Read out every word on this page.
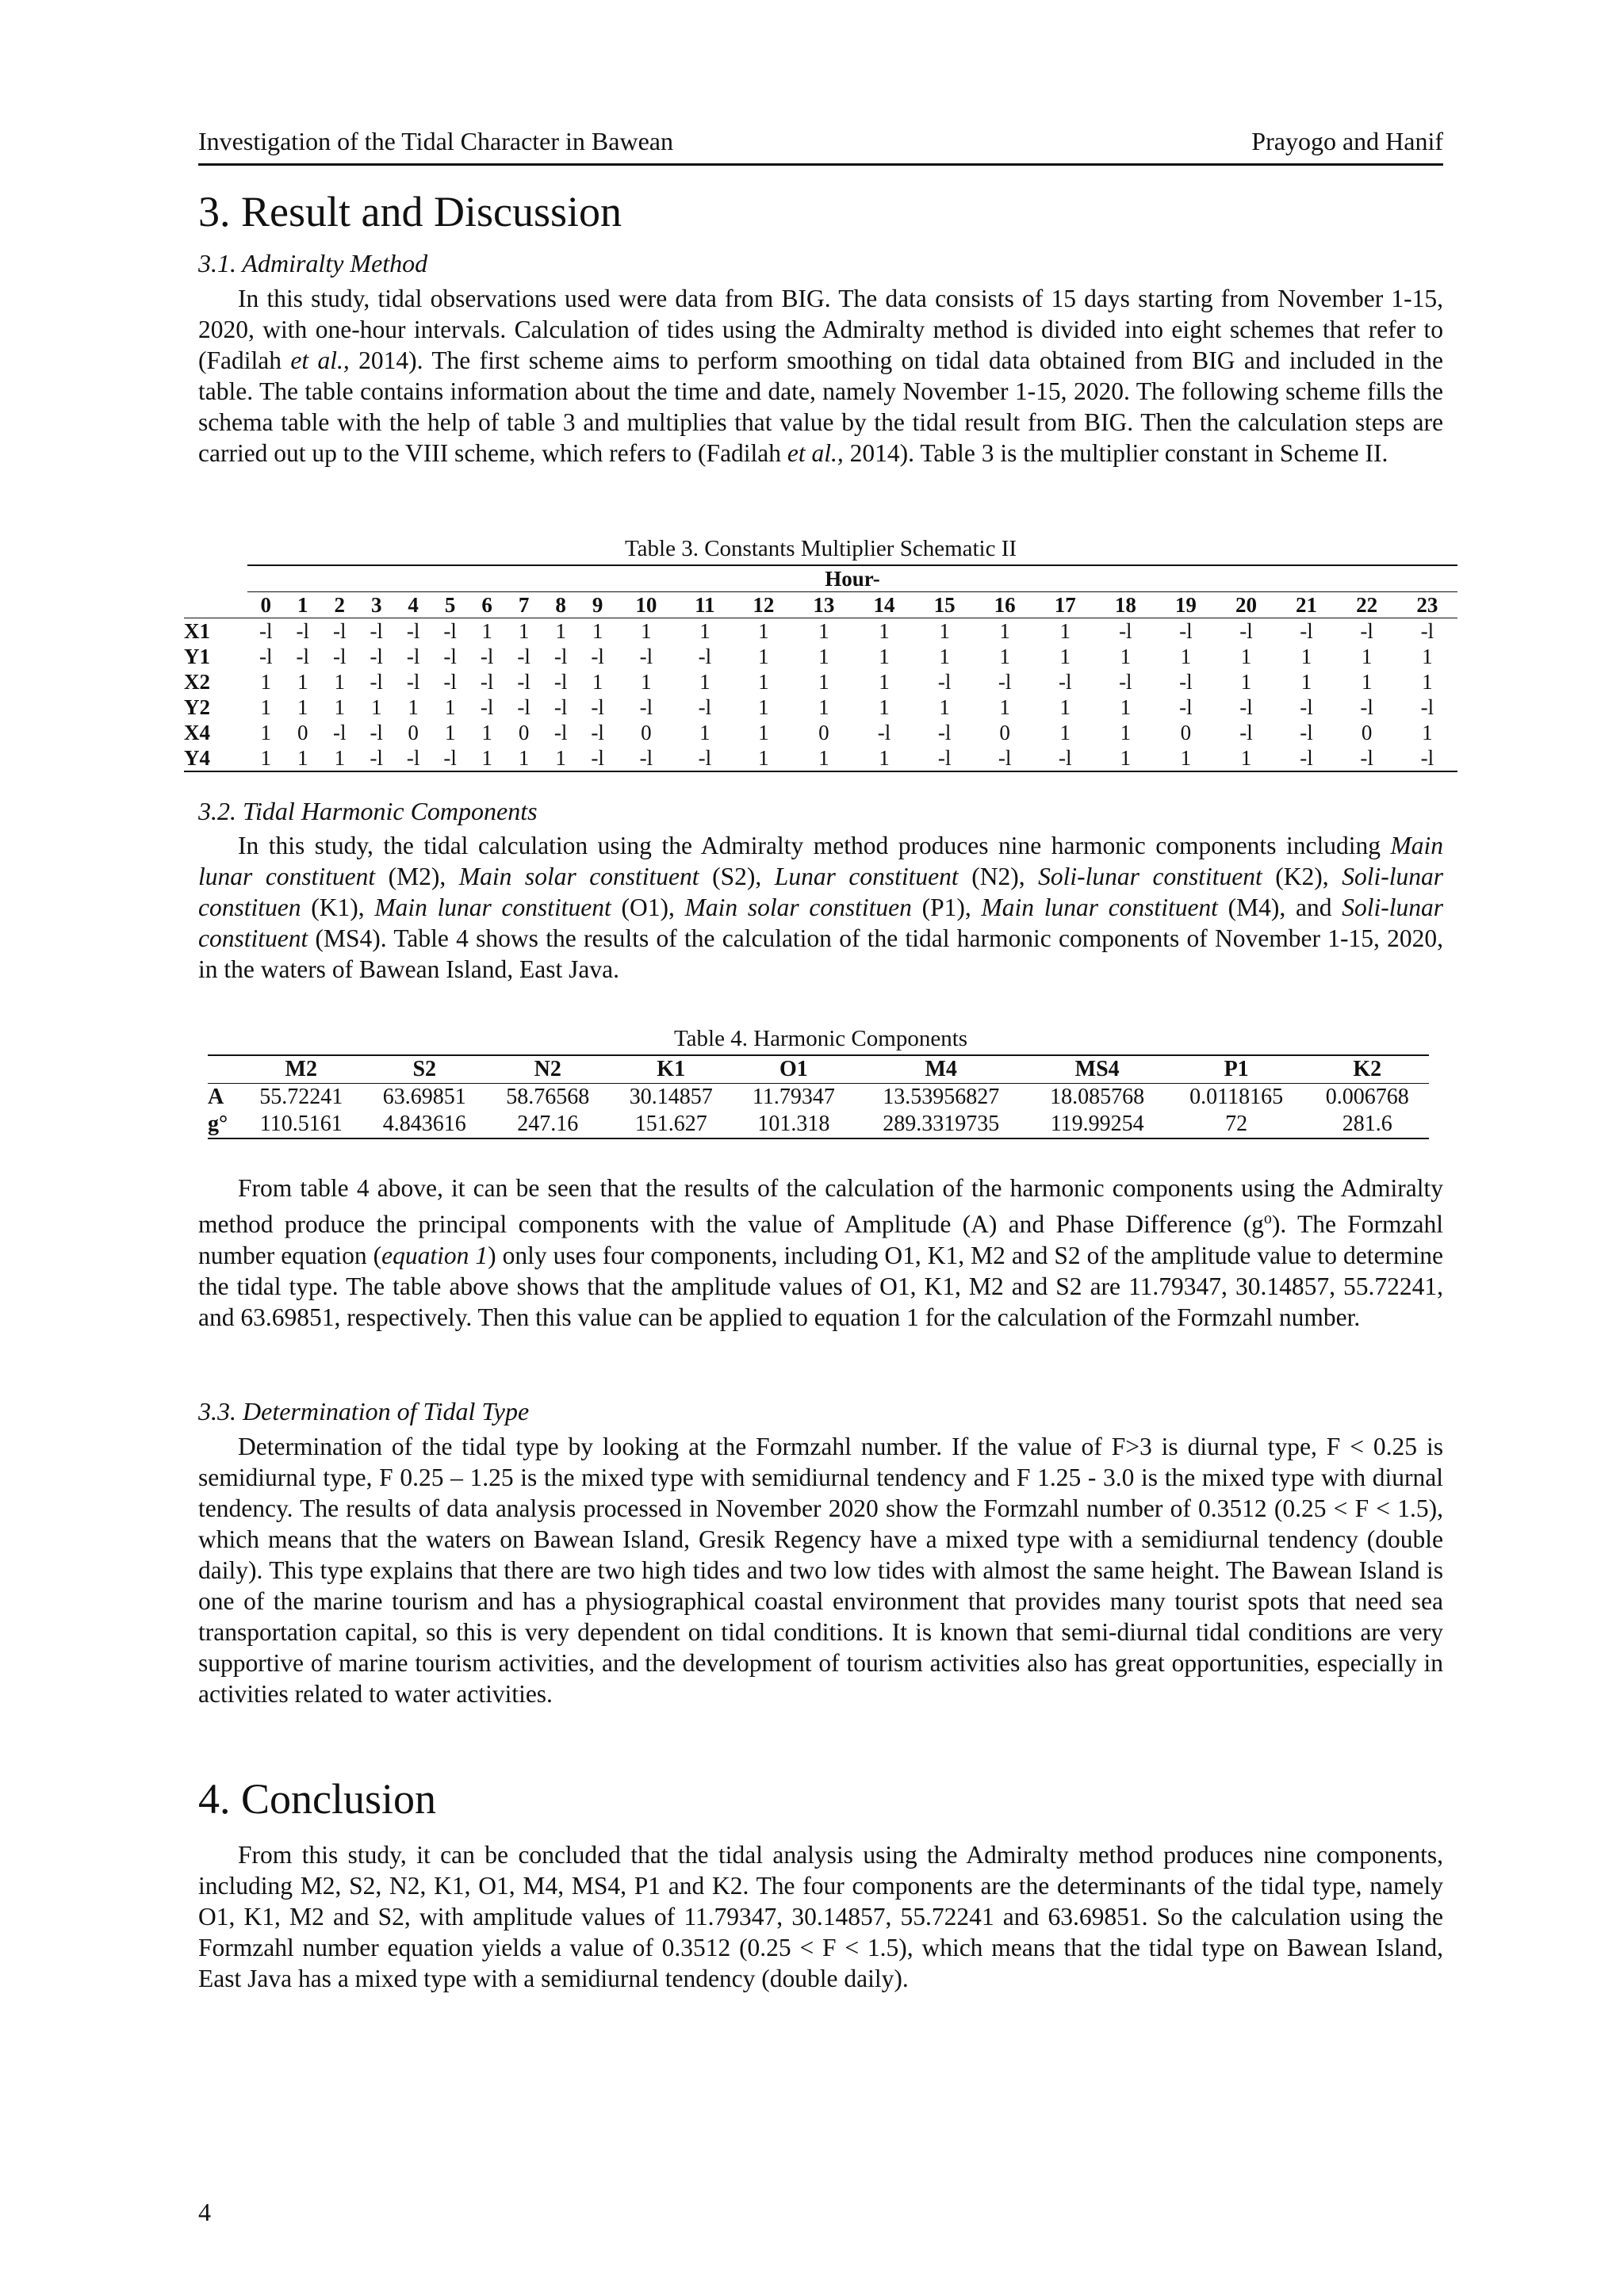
Investigation of the Tidal Character in Bawean	Prayogo and Hanif
3. Result and Discussion
3.1. Admiralty Method

In this study, tidal observations used were data from BIG. The data consists of 15 days starting from November 1-15, 2020, with one-hour intervals. Calculation of tides using the Admiralty method is divided into eight schemes that refer to (Fadilah et al., 2014). The first scheme aims to perform smoothing on tidal data obtained from BIG and included in the table. The table contains information about the time and date, namely November 1-15, 2020. The following scheme fills the schema table with the help of table 3 and multiplies that value by the tidal result from BIG. Then the calculation steps are carried out up to the VIII scheme, which refers to (Fadilah et al., 2014). Table 3 is the multiplier constant in Scheme II.

Table 3. Constants Multiplier Schematic II
	Hour-																							
	0	1	2	3	4	5	6	7	8	9	10	11	12	13	14	15	16	17	18	19	20	21	22	23
X1	-l	-l	-l	-l	-l	-l	1	1	1	1	1	1	1	1	1	1	1	1	-l	-l	-l	-l	-l	-l
Y1	-l	-l	-l	-l	-l	-l	-l	-l	-l	-l	-l	-l	1	1	1	1	1	1	1	1	1	1	1	1
X2	1	1	1	-l	-l	-l	-l	-l	-l	1	1	1	1	1	1	-l	-l	-l	-l	-l	1	1	1	1
Y2	1	1	1	1	1	1	-l	-l	-l	-l	-l	-l	1	1	1	1	1	1	1	-l	-l	-l	-l	-l
X4	1	0	-l	-l	0	1	1	0	-l	-l	0	1	1	0	-l	-l	0	1	1	0	-l	-l	0	1
Y4	1	1	1	-l	-l	-l	1	1	1	-l	-l	-l	1	1	1	-l	-l	-l	1	1	1	-l	-l	-l
3.2. Tidal Harmonic Components

In this study, the tidal calculation using the Admiralty method produces nine harmonic components including Main lunar constituent (M2), Main solar constituent (S2), Lunar constituent (N2), Soli-lunar constituent (K2), Soli-lunar constituen (K1), Main lunar constituent (O1), Main solar constituen (P1), Main lunar constituent (M4), and Soli-lunar constituent (MS4). Table 4 shows the results of the calculation of the tidal harmonic components of November 1-15, 2020, in the waters of Bawean Island, East Java.

Table 4. Harmonic Components
	M2	S2	N2	K1	O1	M4	MS4	P1	K2
A	55.72241	63.69851	58.76568	30.14857	11.79347	13.53956827	18.085768	0.0118165	0.006768
g°	110.5161	4.843616	247.16	151.627	101.318	289.3319735	119.99254	72	281.6

From table 4 above, it can be seen that the results of the calculation of the harmonic components using the Admiralty method produce the principal components with the value of Amplitude (A) and Phase Difference $(g^o)$. The Formzahl number equation (equation 1) only uses four components, including O1, K1, M2 and S2 of the amplitude value to determine the tidal type. The table above shows that the amplitude values of O1, K1, M2 and S2 are 11.79347, 30.14857, 55.72241, and 63.69851, respectively. Then this value can be applied to equation 1 for the calculation of the Formzahl number.

3.3. Determination of Tidal Type

Determination of the tidal type by looking at the Formzahl number. If the value of F>3 is diurnal type, F < 0.25 is semidiurnal type, F 0.25 – 1.25 is the mixed type with semidiurnal tendency and F 1.25 - 3.0 is the mixed type with diurnal tendency. The results of data analysis processed in November 2020 show the Formzahl number of 0.3512 (0.25 < F < 1.5), which means that the waters on Bawean Island, Gresik Regency have a mixed type with a semidiurnal tendency (double daily). This type explains that there are two high tides and two low tides with almost the same height. The Bawean Island is one of the marine tourism and has a physiographical coastal environment that provides many tourist spots that need sea transportation capital, so this is very dependent on tidal conditions. It is known that semi-diurnal tidal conditions are very supportive of marine tourism activities, and the development of tourism activities also has great opportunities, especially in activities related to water activities.

4. Conclusion

From this study, it can be concluded that the tidal analysis using the Admiralty method produces nine components, including M2, S2, N2, K1, O1, M4, MS4, P1 and K2. The four components are the determinants of the tidal type, namely O1, K1, M2 and S2, with amplitude values of 11.79347, 30.14857, 55.72241 and 63.69851. So the calculation using the Formzahl number equation yields a value of 0.3512 (0.25 < F < 1.5), which means that the tidal type on Bawean Island, East Java has a mixed type with a semidiurnal tendency (double daily).

4
